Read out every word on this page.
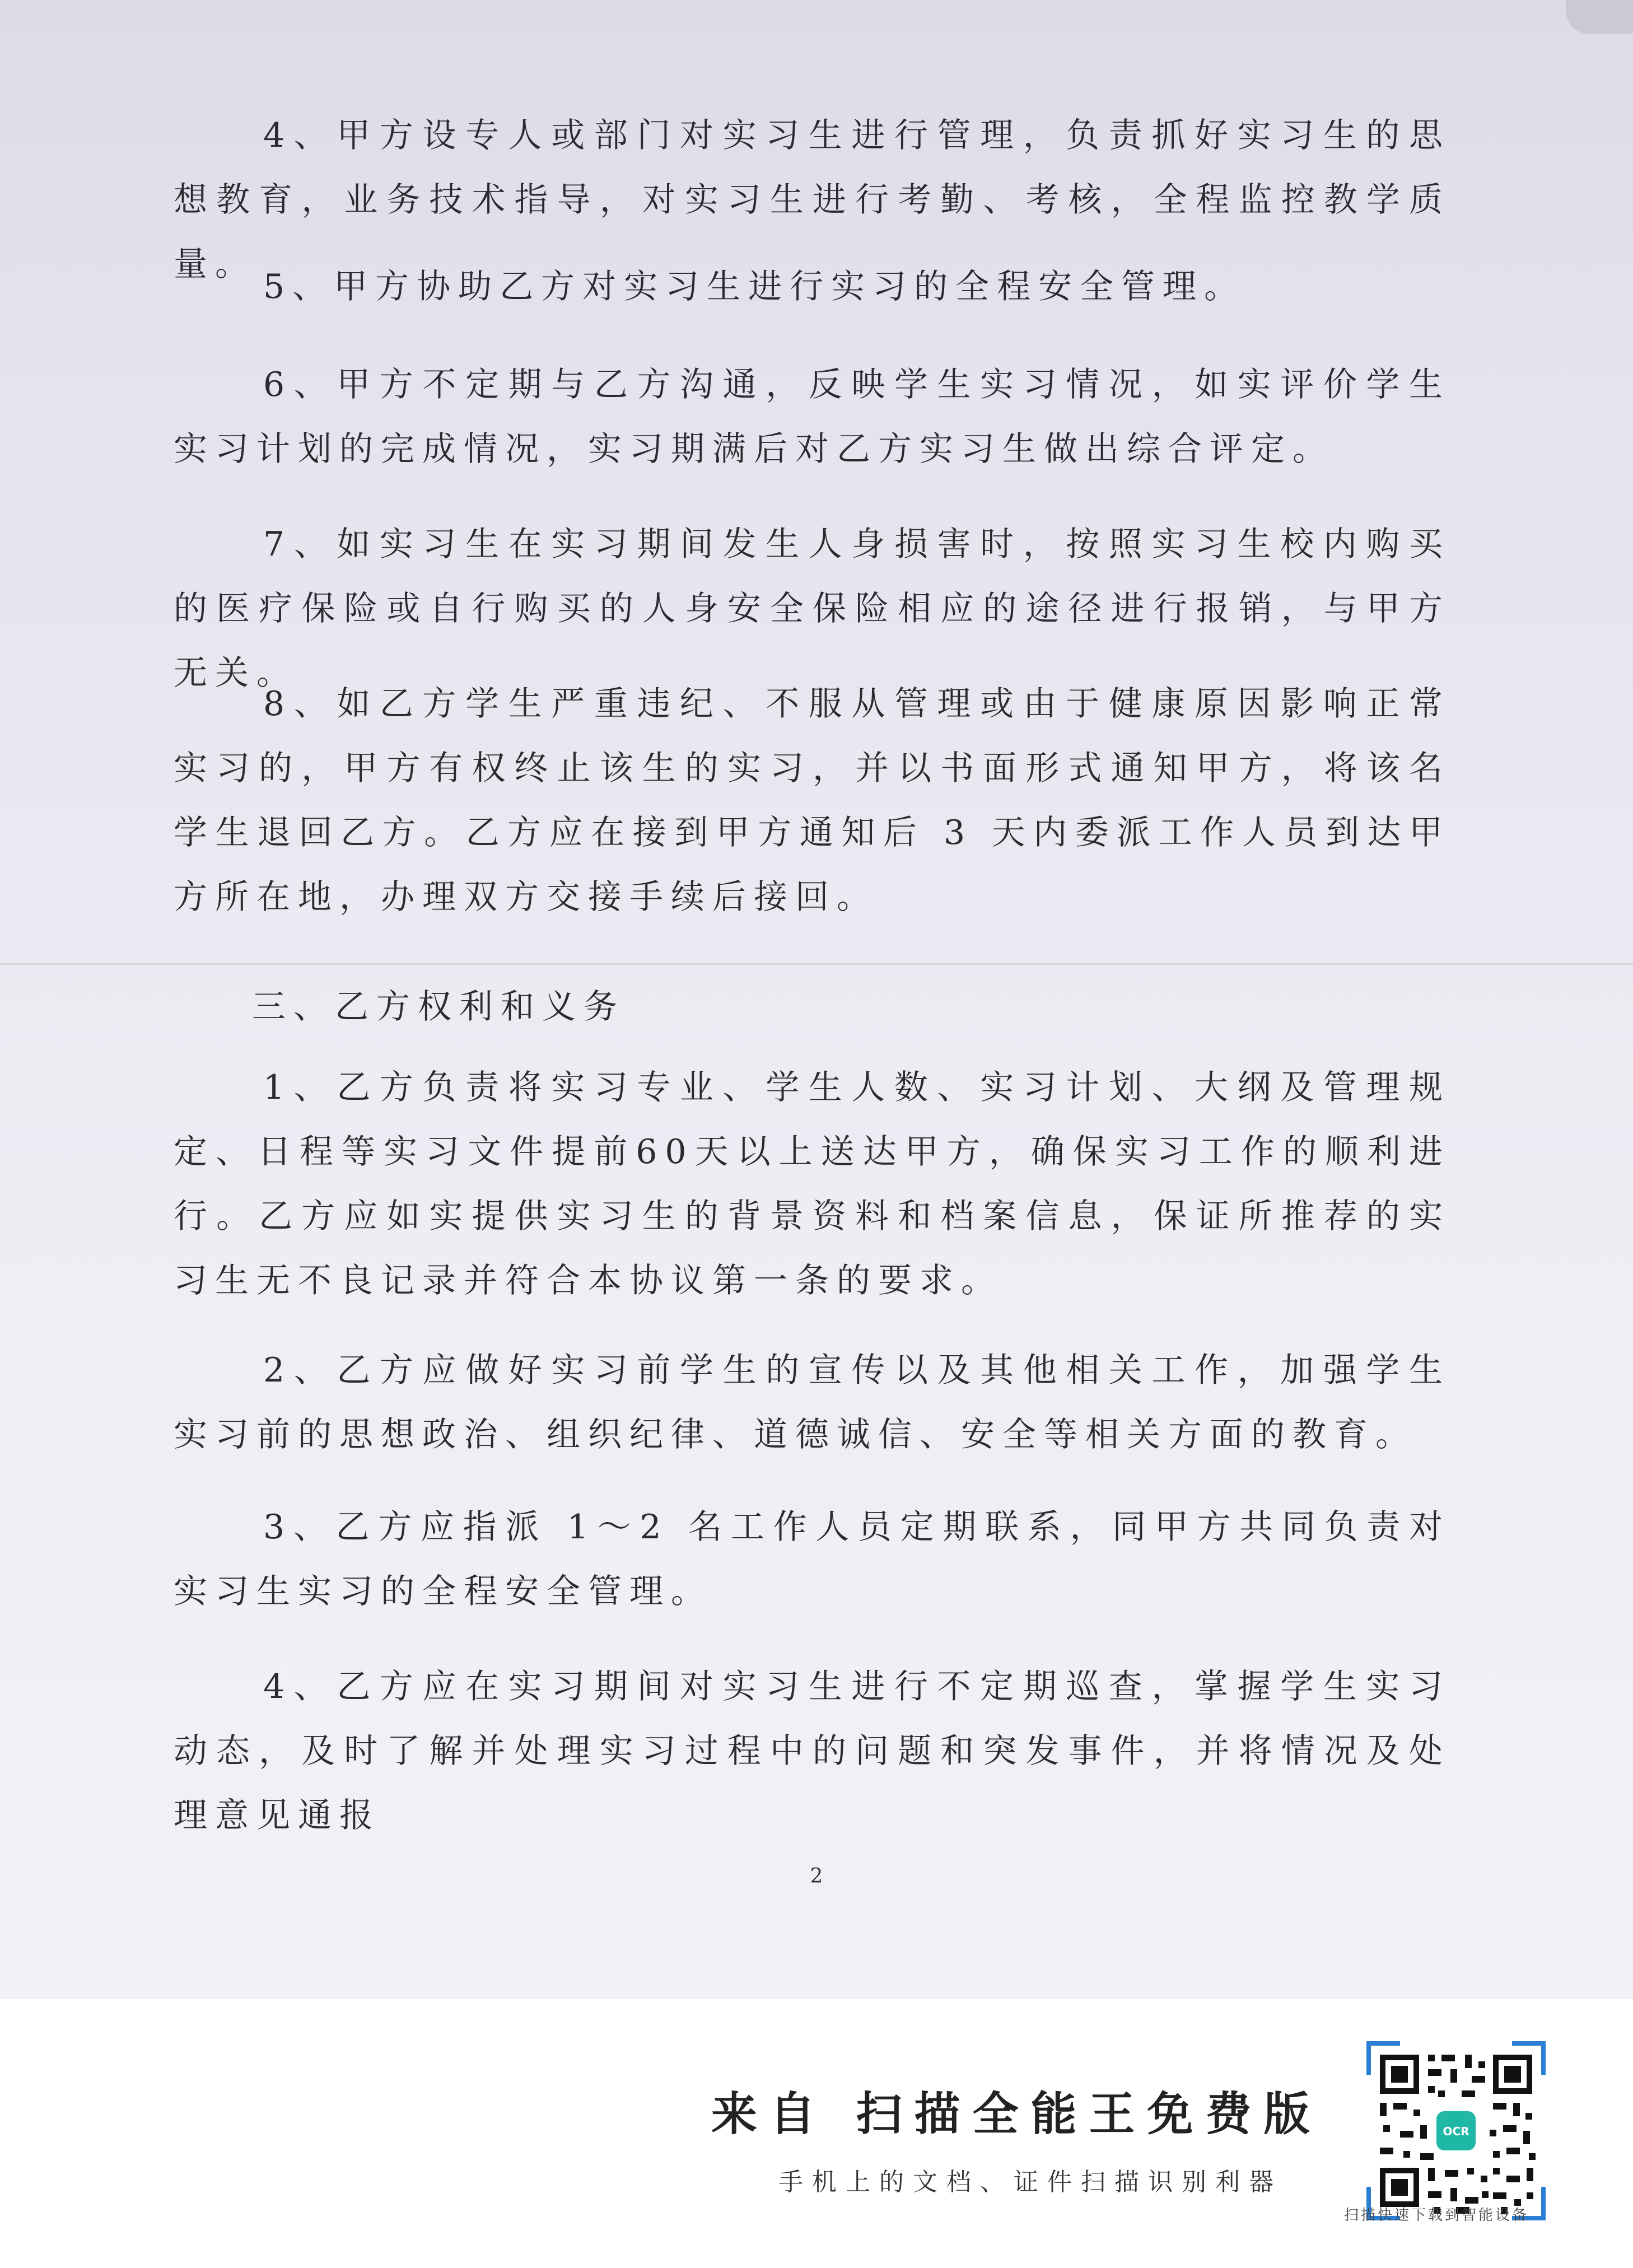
4、甲方设专人或部门对实习生进行管理，负责抓好实习生的思想教育，业务技术指导，对实习生进行考勤、考核，全程监控教学质量。

5、甲方协助乙方对实习生进行实习的全程安全管理。

6、甲方不定期与乙方沟通，反映学生实习情况，如实评价学生实习计划的完成情况，实习期满后对乙方实习生做出综合评定。

7、如实习生在实习期间发生人身损害时，按照实习生校内购买的医疗保险或自行购买的人身安全保险相应的途径进行报销，与甲方无关。

8、如乙方学生严重违纪、不服从管理或由于健康原因影响正常实习的，甲方有权终止该生的实习，并以书面形式通知甲方，将该名学生退回乙方。乙方应在接到甲方通知后 3 天内委派工作人员到达甲方所在地，办理双方交接手续后接回。

三、乙方权利和义务

1、乙方负责将实习专业、学生人数、实习计划、大纲及管理规定、日程等实习文件提前60天以上送达甲方，确保实习工作的顺利进行。乙方应如实提供实习生的背景资料和档案信息，保证所推荐的实习生无不良记录并符合本协议第一条的要求。

2、乙方应做好实习前学生的宣传以及其他相关工作，加强学生实习前的思想政治、组织纪律、道德诚信、安全等相关方面的教育。

3、乙方应指派 1～2 名工作人员定期联系，同甲方共同负责对实习生实习的全程安全管理。

4、乙方应在实习期间对实习生进行不定期巡查，掌握学生实习动态，及时了解并处理实习过程中的问题和突发事件，并将情况及处理意见通报

2
来自 扫描全能王免费版
手机上的文档、证件扫描识别利器
OCR
扫描快速下载到智能设备
